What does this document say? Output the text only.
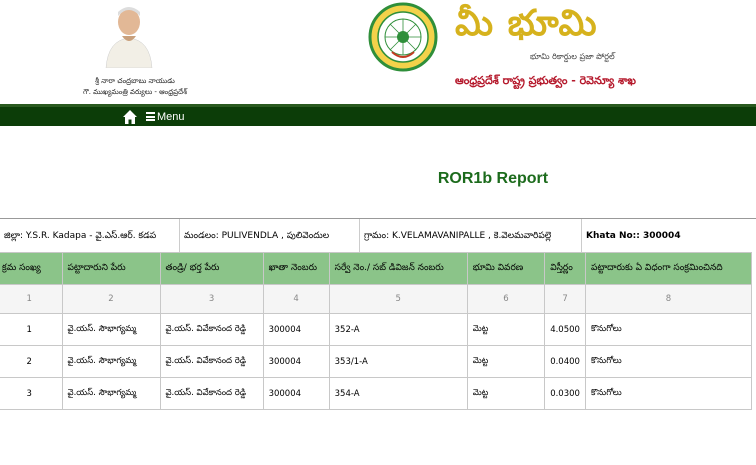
శ్రీ నారా చంద్రబాబు నాయుడు
గౌ. ముఖ్యమంత్రి వర్యులు - ఆంధ్రప్రదేశ్
మీ భూమి
భూమి రికార్డుల ప్రజా పోర్టల్
ఆంధ్రప్రదేశ్ రాష్ట్ర ప్రభుత్వం - రెవెన్యూ శాఖ
Menu
ROR1b Report
జిల్లా: Y.S.R. Kadapa - వై.ఎస్.ఆర్. కడప	మండలం: PULIVENDLA , పులివెందుల	గ్రామం: K.VELAMAVANIPALLE , కె.వెలమవారిపల్లె	Khata No:: 300004
క్రమ సంఖ్య	పట్టాదారుని పేరు	తండ్రి/ భర్త పేరు	ఖాతా నెంబరు	సర్వే నెం./ సబ్ డివిజన్ నంబరు	భూమి వివరణ	విస్తీర్ణం	పట్టాదారుకు ఏ విధంగా సంక్రమించినది
1	2	3	4	5	6	7	8
1	వై.యస్. సౌభాగ్యమ్మ	వై.యస్. వివేకానంద రెడ్డి	300004	352-A	మెట్ట	4.0500	కొనుగోలు
2	వై.యస్. సౌభాగ్యమ్మ	వై.యస్. వివేకానంద రెడ్డి	300004	353/1-A	మెట్ట	0.0400	కొనుగోలు
3	వై.యస్. సౌభాగ్యమ్మ	వై.యస్. వివేకానంద రెడ్డి	300004	354-A	మెట్ట	0.0300	కొనుగోలు
